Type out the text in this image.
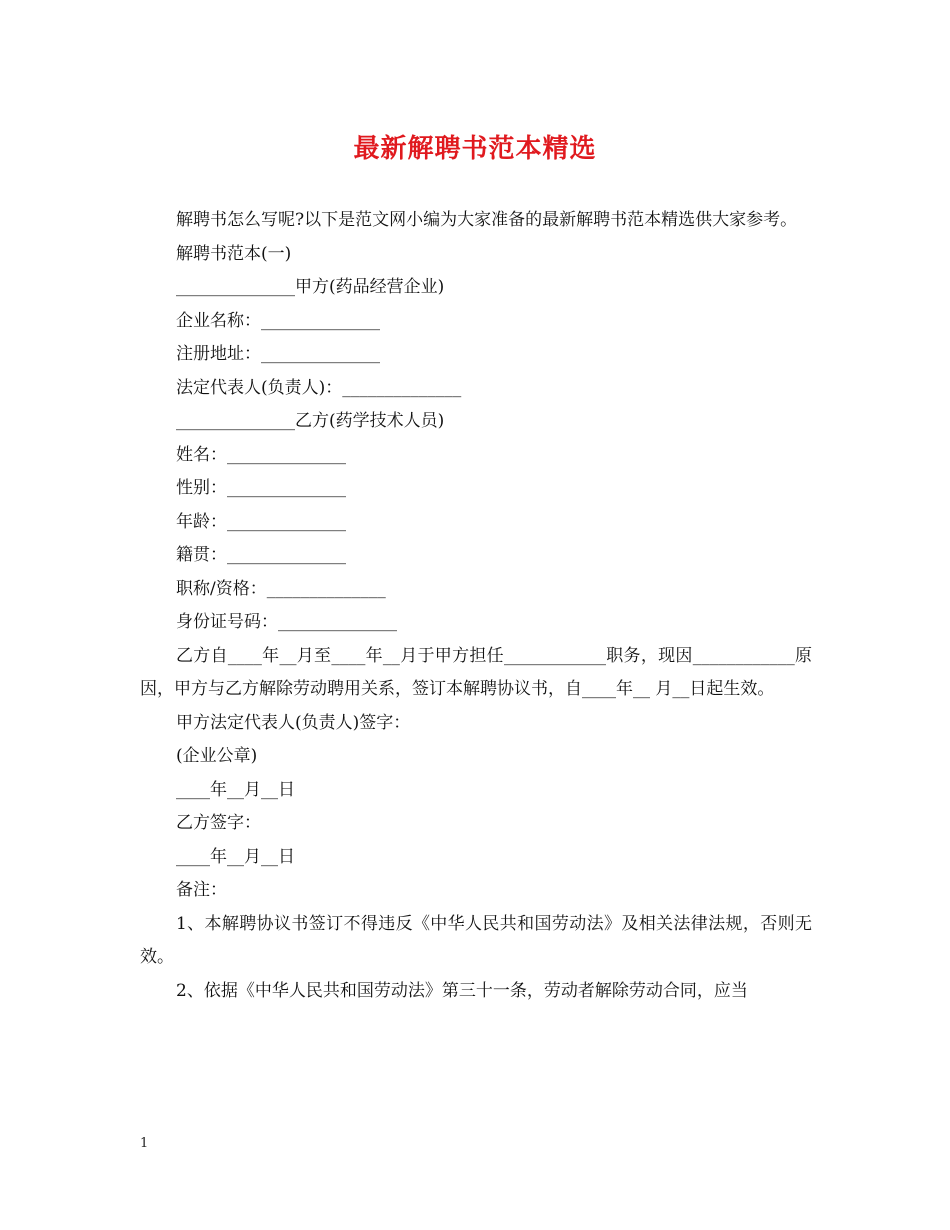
最新解聘书范本精选
解聘书怎么写呢?以下是范文网小编为大家准备的最新解聘书范本精选供大家参考。
解聘书范本(一)
______________甲方(药品经营企业)
企业名称：______________
注册地址：______________
法定代表人(负责人)：______________
______________乙方(药学技术人员)
姓名：______________
性别：______________
年龄：______________
籍贯：______________
职称/资格：______________
身份证号码：______________
乙方自____年__月至____年__月于甲方担任____________职务，现因____________原因，甲方与乙方解除劳动聘用关系，签订本解聘协议书，自____年__ 月__日起生效。
甲方法定代表人(负责人)签字：
(企业公章)
____年__月__日
乙方签字：
____年__月__日
备注：
1、本解聘协议书签订不得违反《中华人民共和国劳动法》及相关法律法规，否则无效。
2、依据《中华人民共和国劳动法》第三十一条，劳动者解除劳动合同，应当
1
